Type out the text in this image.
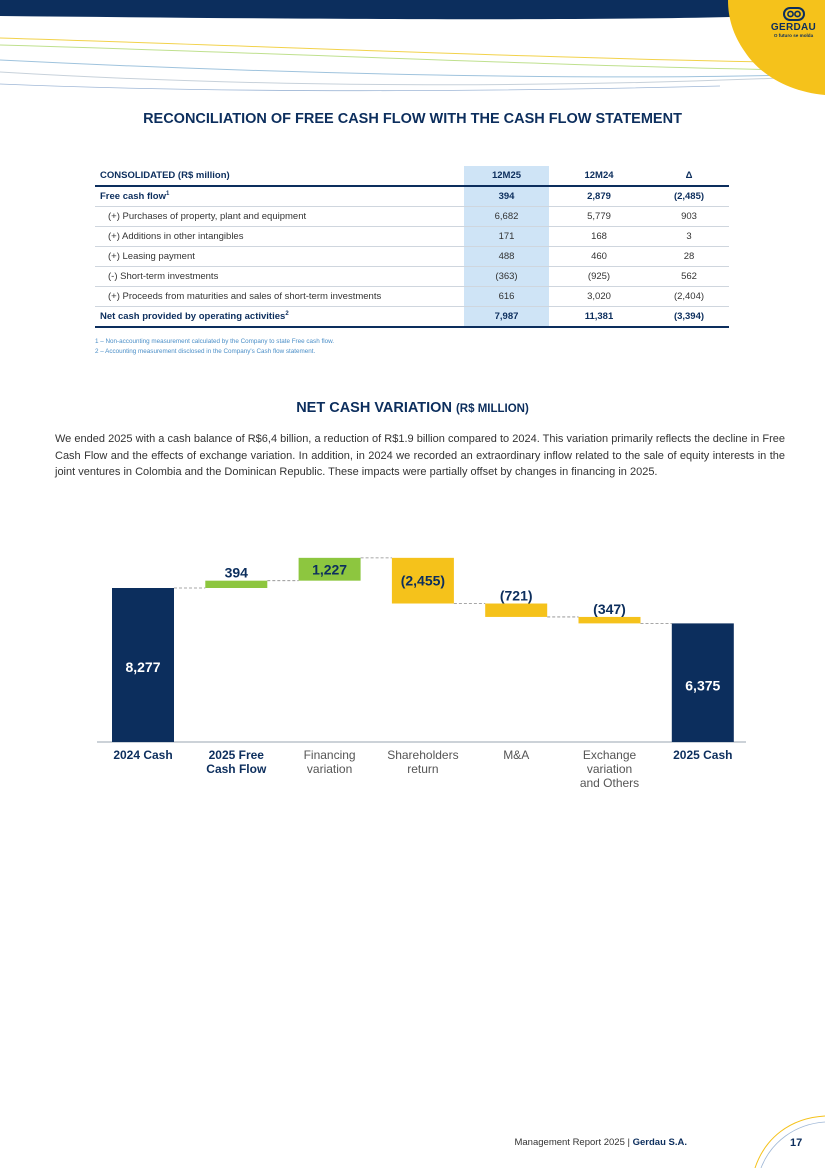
GERDAU
O futuro se molda
RECONCILIATION OF FREE CASH FLOW WITH THE CASH FLOW STATEMENT
CONSOLIDATED (R$ million)	12M25	12M24	Δ
Free cash flow$^1$	394	2,879	(2,485)
(+) Purchases of property, plant and equipment	6,682	5,779	903
(+) Additions in other intangibles	171	168	3
(+) Leasing payment	488	460	28
(-) Short-term investments	(363)	(925)	562
(+) Proceeds from maturities and sales of short-term investments	616	3,020	(2,404)
Net cash provided by operating activities$^2$	7,987	11,381	(3,394)
1 – Non-accounting measurement calculated by the Company to state Free cash flow.
2 – Accounting measurement disclosed in the Company's Cash flow statement.
NET CASH VARIATION (R$ MILLION)
We ended 2025 with a cash balance of R$6,4 billion, a reduction of R$1.9 billion compared to 2024. This variation primarily reflects the decline in Free Cash Flow and the effects of exchange variation. In addition, in 2024 we recorded an extraordinary inflow related to the sale of equity interests in the joint ventures in Colombia and the Dominican Republic. These impacts were partially offset by changes in financing in 2025.
8,277
2024 Cash
394
2025 Free
Cash Flow
1,227
Financing
variation
(2,455)
Shareholders
return
(721)
M&A
(347)
Exchange
variation
and Others
6,375
2025 Cash
Management Report 2025 | Gerdau S.A.	17
